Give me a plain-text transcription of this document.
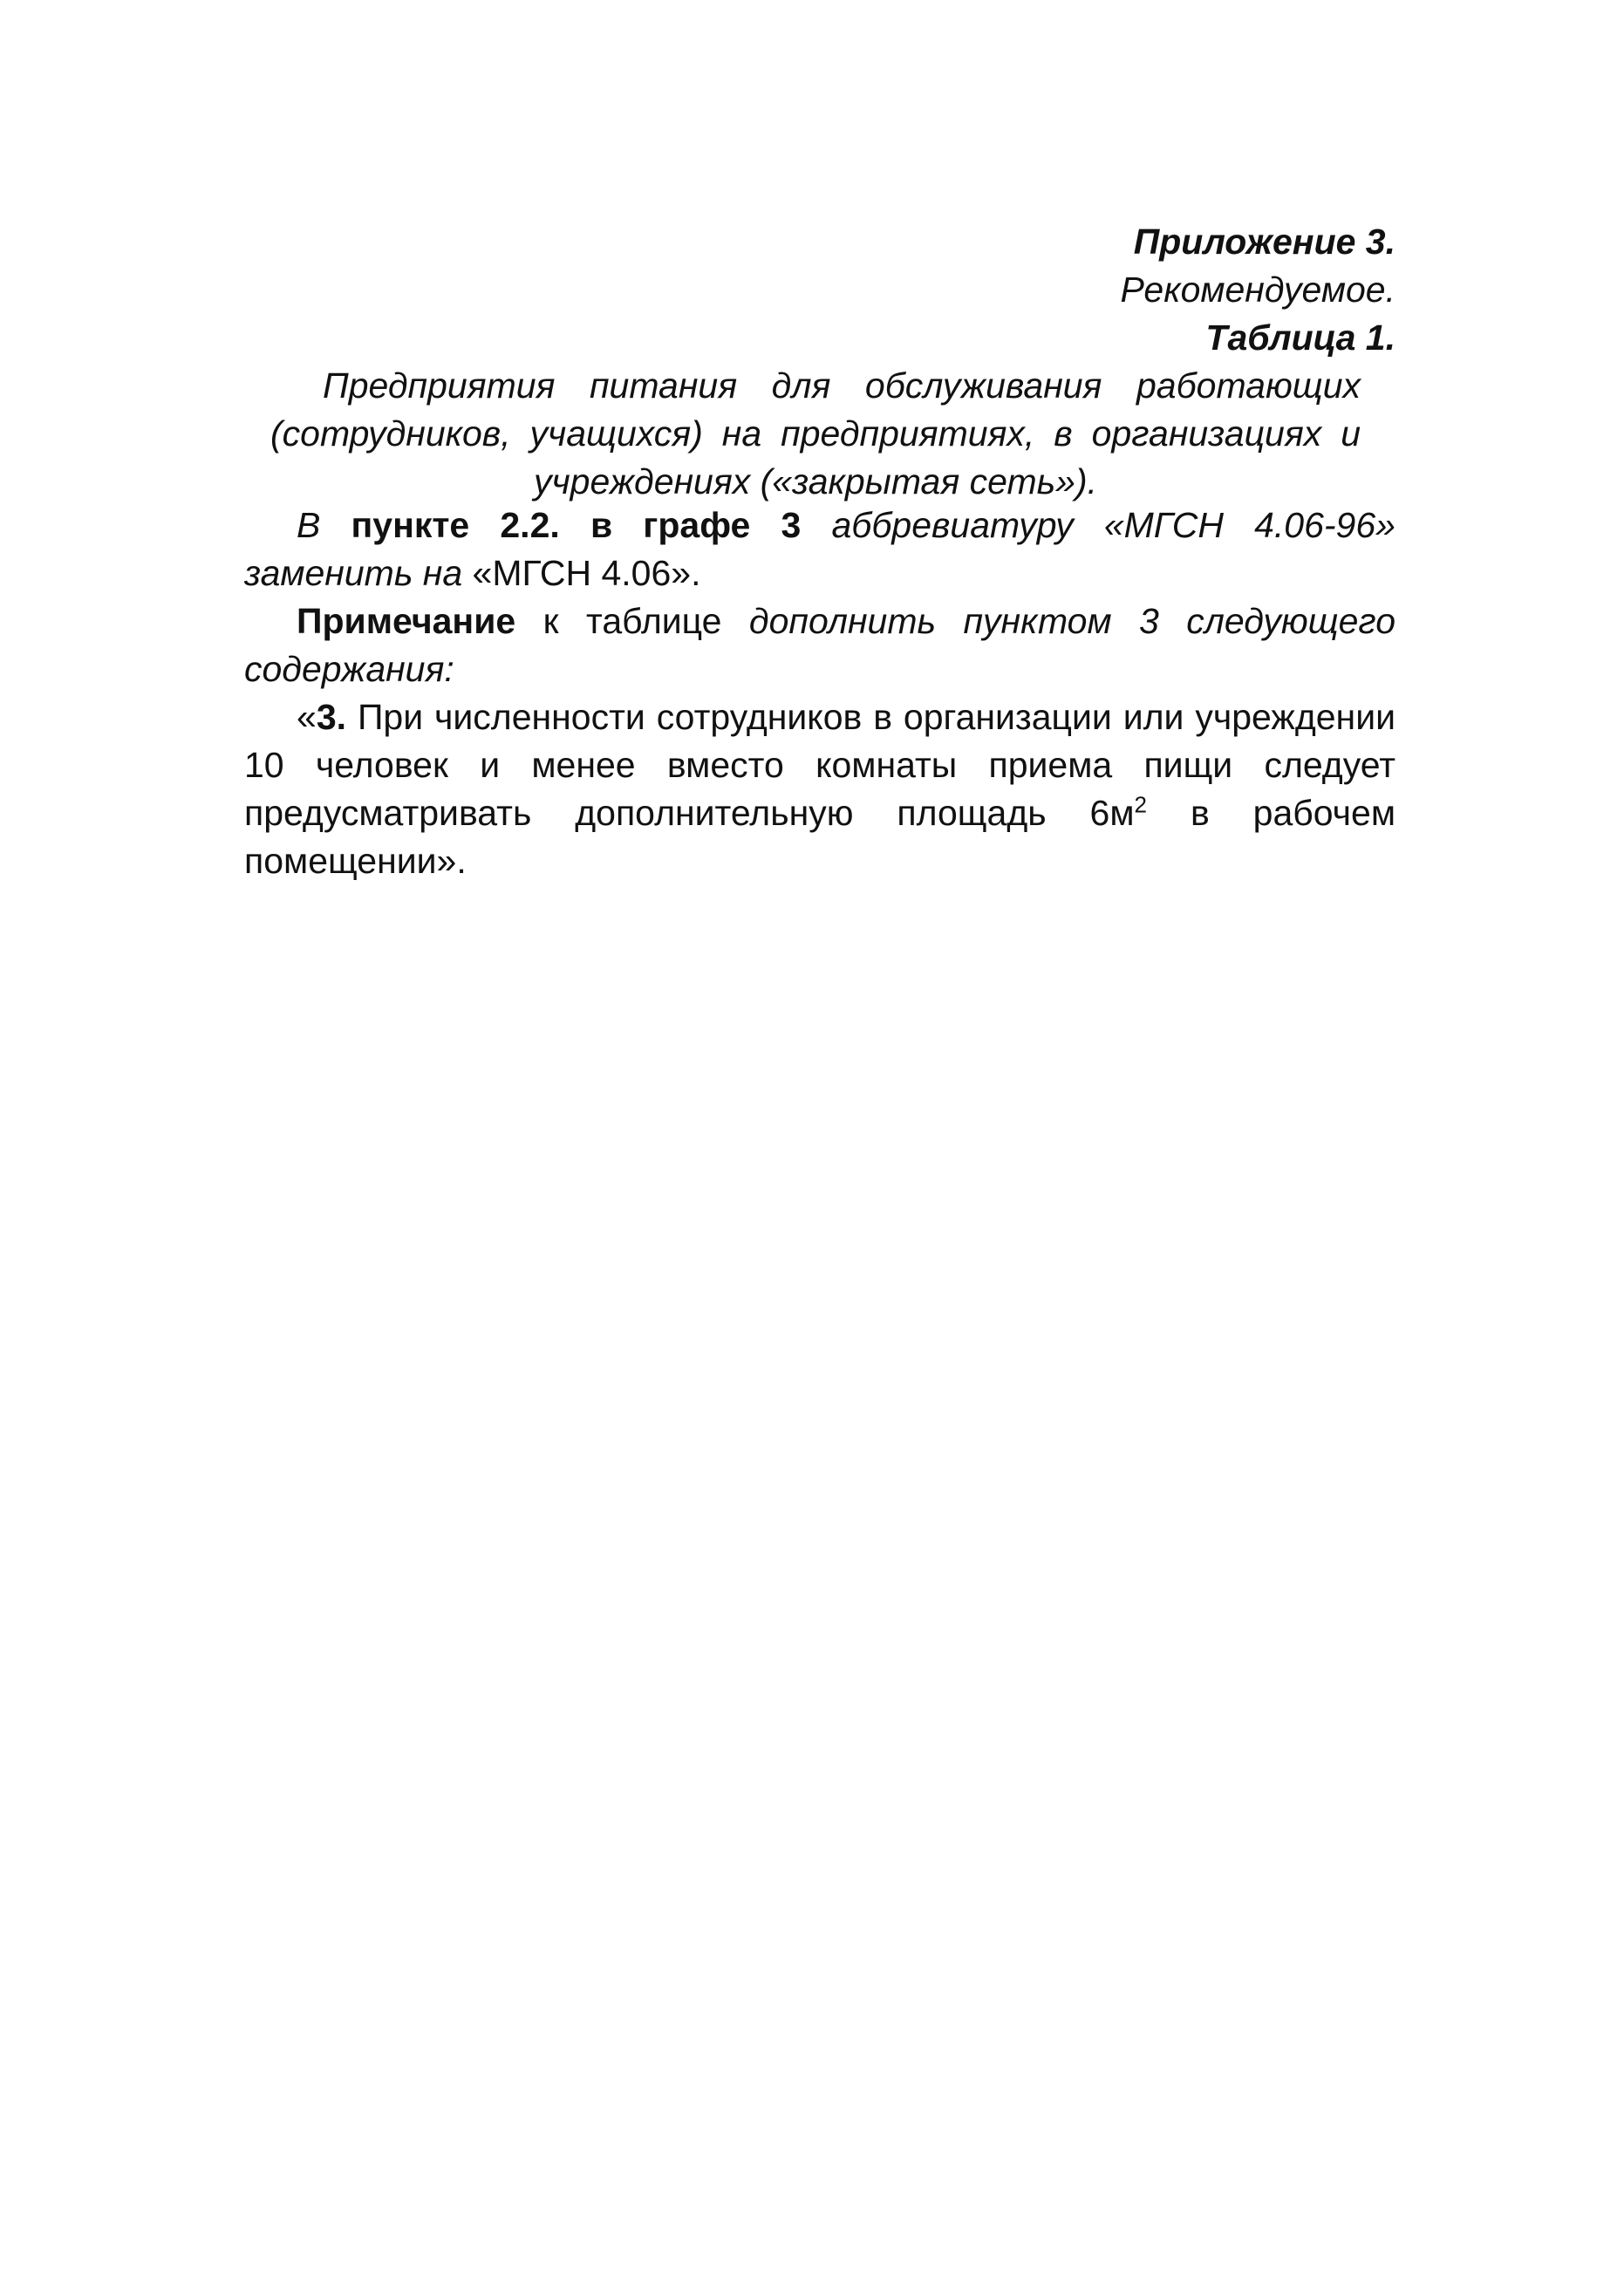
Приложение 3.
Рекомендуемое.
Таблица 1.
Предприятия питания для обслуживания работающих (сотрудников, учащихся) на предприятиях, в организациях и учреждениях («закрытая сеть»).

В пункте 2.2. в графе 3 аббревиатуру «МГСН 4.06-96» заменить на «МГСН 4.06».

Примечание к таблице дополнить пунктом 3 следующего содержания:

«3. При численности сотрудников в организации или учреждении 10 человек и менее вместо комнаты приема пищи следует предусматривать дополнительную площадь $6м^2$ в рабочем помещении».
